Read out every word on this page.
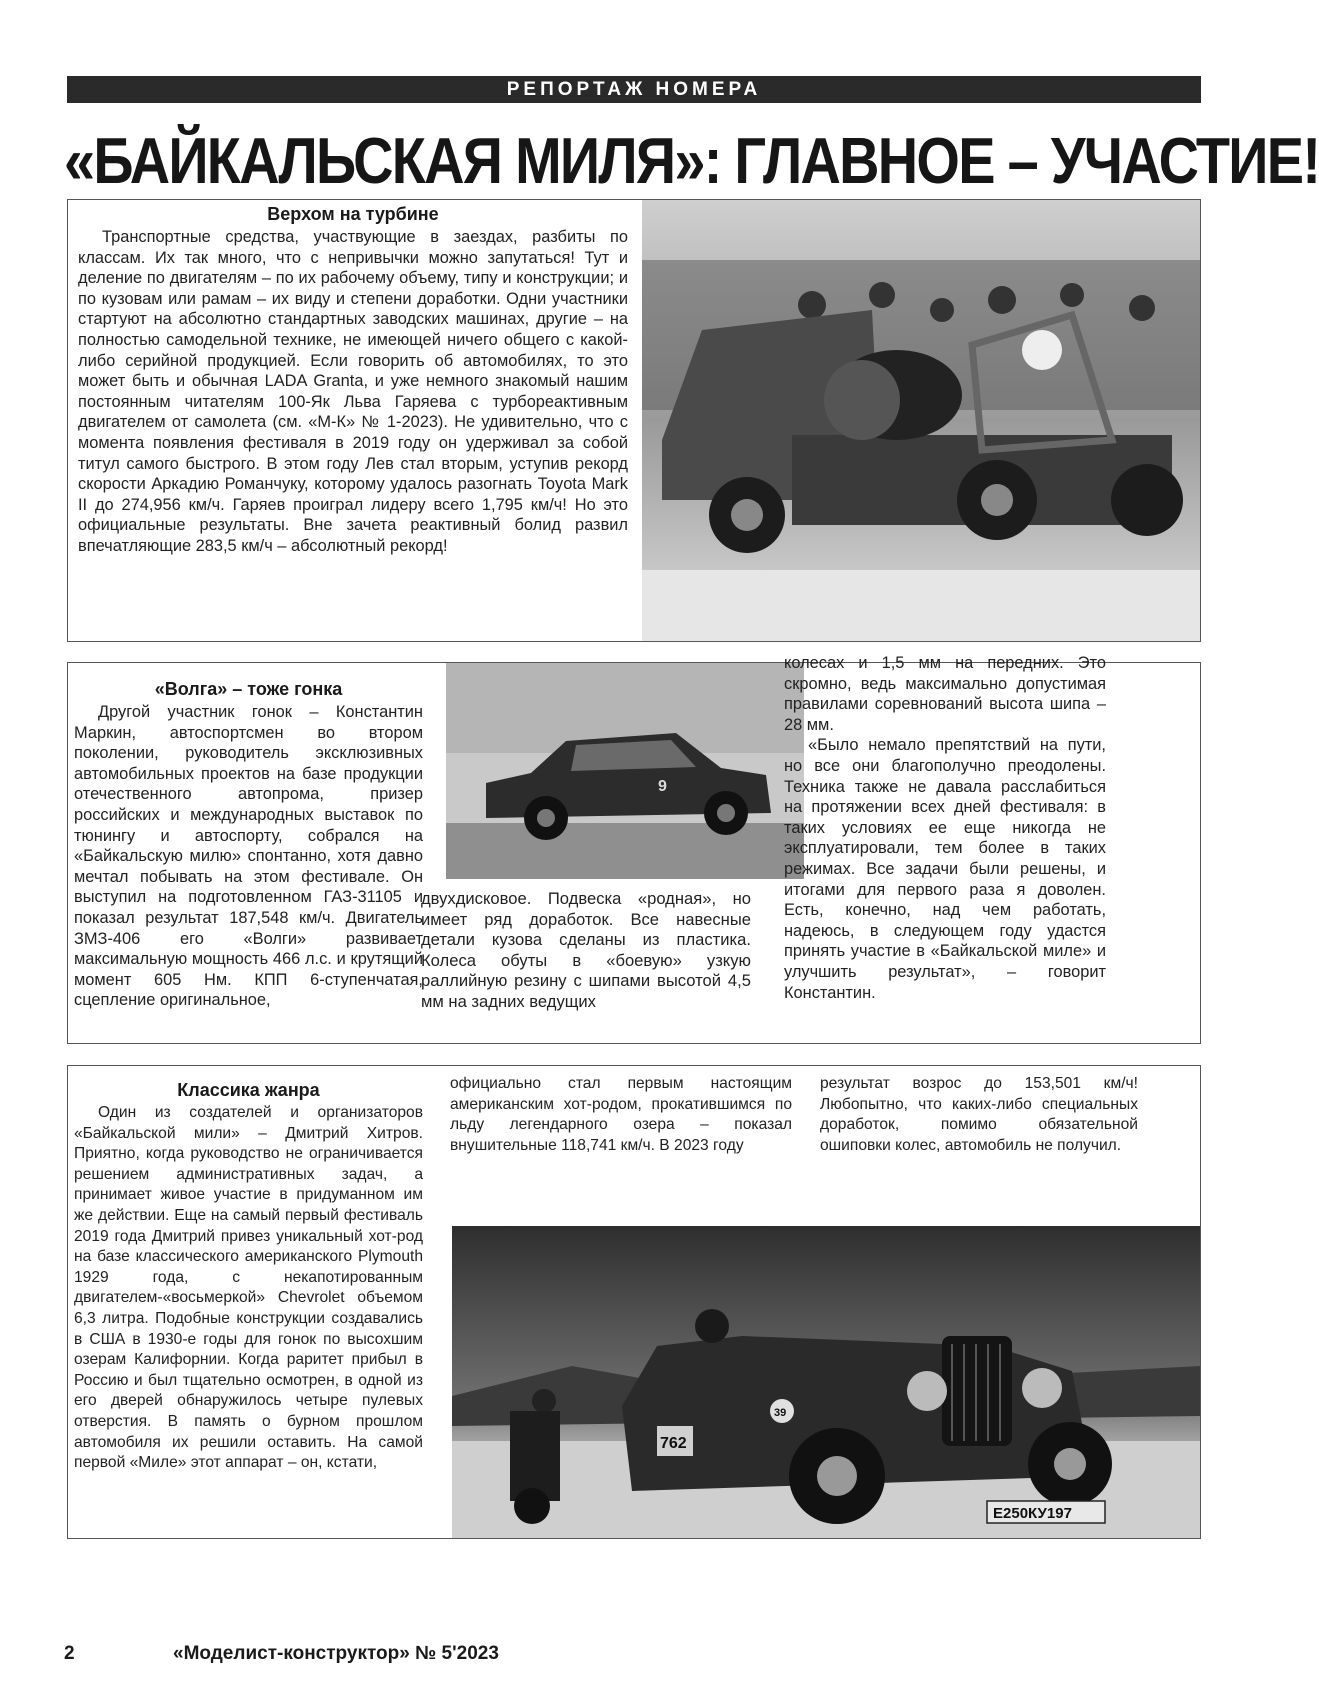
РЕПОРТАЖ НОМЕРА
«БАЙКАЛЬСКАЯ МИЛЯ»: ГЛАВНОЕ – УЧАСТИЕ!
Верхом на турбине

Транспортные средства, участвующие в заездах, разбиты по классам. Их так много, что с непривычки можно запутаться! Тут и деление по двигателям – по их рабочему объему, типу и конструкции; и по кузовам или рамам – их виду и степени доработки. Одни участники стартуют на абсолютно стандартных заводских машинах, другие – на полностью самодельной технике, не имеющей ничего общего с какой-либо серийной продукцией. Если говорить об автомобилях, то это может быть и обычная LADA Granta, и уже немного знакомый нашим постоянным читателям 100-Як Льва Гаряева с турбореактивным двигателем от самолета (см. «М-К» № 1-2023). Не удивительно, что с момента появления фестиваля в 2019 году он удерживал за собой титул самого быстрого. В этом году Лев стал вторым, уступив рекорд скорости Аркадию Романчуку, которому удалось разогнать Toyota Mark II до 274,956 км/ч. Гаряев проиграл лидеру всего 1,795 км/ч! Но это официальные результаты. Вне зачета реактивный болид развил впечатляющие 283,5 км/ч – абсолютный рекорд!

«Волга» – тоже гонка

Другой участник гонок – Константин Маркин, автоспортсмен во втором поколении, руководитель эксклюзивных автомобильных проектов на базе продукции отечественного автопрома, призер российских и международных выставок по тюнингу и автоспорту, собрался на «Байкальскую милю» спонтанно, хотя давно мечтал побывать на этом фестивале. Он выступил на подготовленном ГАЗ-31105 и показал результат 187,548 км/ч. Двигатель ЗМЗ-406 его «Волги» развивает максимальную мощность 466 л.с. и крутящий момент 605 Нм. КПП 6-ступенчатая, сцепление оригинальное,

9

двухдисковое. Подвеска «родная», но имеет ряд доработок. Все навесные детали кузова сделаны из пластика. Колеса обуты в «боевую» узкую раллийную резину с шипами высотой 4,5 мм на задних ведущих

колесах и 1,5 мм на передних. Это скромно, ведь максимально допустимая правилами соревнований высота шипа – 28 мм.

«Было немало препятствий на пути, но все они благополучно преодолены. Техника также не давала расслабиться на протяжении всех дней фестиваля: в таких условиях ее еще никогда не эксплуатировали, тем более в таких режимах. Все задачи были решены, и итогами для первого раза я доволен. Есть, конечно, над чем работать, надеюсь, в следующем году удастся принять участие в «Байкальской миле» и улучшить результат», – говорит Константин.

Классика жанра

Один из создателей и организаторов «Байкальской мили» – Дмитрий Хитров. Приятно, когда руководство не ограничивается решением административных задач, а принимает живое участие в придуманном им же действии. Еще на самый первый фестиваль 2019 года Дмитрий привез уникальный хот-род на базе классического американского Plymouth 1929 года, с некапотированным двигателем-«восьмеркой» Chevrolet объемом 6,3 литра. Подобные конструкции создавались в США в 1930-е годы для гонок по высохшим озерам Калифорнии. Когда раритет прибыл в Россию и был тщательно осмотрен, в одной из его дверей обнаружилось четыре пулевых отверстия. В память о бурном прошлом автомобиля их решили оставить. На самой первой «Миле» этот аппарат – он, кстати,

официально стал первым настоящим американским хот-родом, прокатившимся по льду легендарного озера – показал внушительные 118,741 км/ч. В 2023 году

результат возрос до 153,501 км/ч! Любопытно, что каких-либо специальных доработок, помимо обязательной ошиповки колес, автомобиль не получил.

762
39
Е250КУ197
2	«Моделист-конструктор» № 5'2023
